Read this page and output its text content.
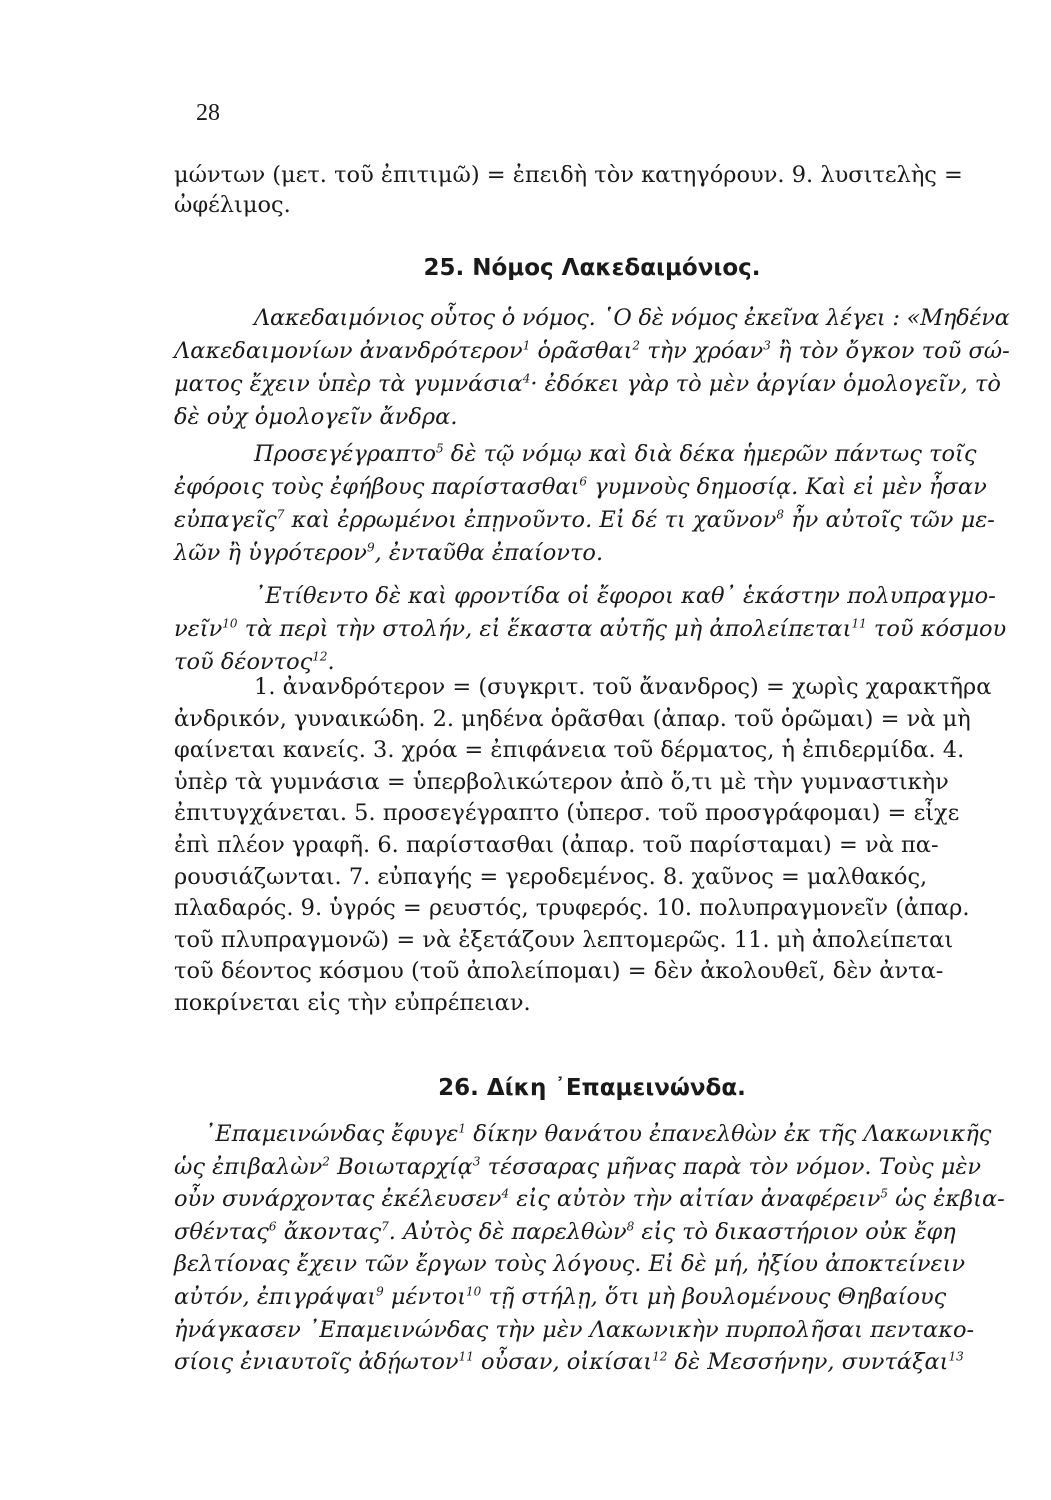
28
μώντων (μετ. τοῦ ἐπιτιμῶ) = ἐπειδὴ τὸν κατηγόρουν. 9. λυσιτελὴς =
ὠφέλιμος.
25. Νόμος Λακεδαιμόνιος.
Λακεδαιμόνιος οὗτος ὁ νόμος. ῾Ο δὲ νόμος ἐκεῖνα λέγει : «Μηδένα
Λακεδαιμονίων ἀνανδρότερον$^1$ ὁρᾶσθαι$^2$ τὴν χρόαν$^3$ ἢ τὸν ὄγκον τοῦ σώ-
ματος ἔχειν ὑπὲρ τὰ γυμνάσια$^4$· ἐδόκει γὰρ τὸ μὲν ἀργίαν ὁμολογεῖν, τὸ
δὲ οὐχ ὁμολογεῖν ἄνδρα.
Προσεγέγραπτο$^5$ δὲ τῷ νόμῳ καὶ διὰ δέκα ἡμερῶν πάντως τοῖς
ἐφόροις τοὺς ἐφήβους παρίστασθαι$^6$ γυμνοὺς δημοσίᾳ. Καὶ εἰ μὲν ἦσαν
εὐπαγεῖς$^7$ καὶ ἐρρωμένοι ἐπῃνοῦντο. Εἰ δέ τι χαῦνον$^8$ ἦν αὐτοῖς τῶν με-
λῶν ἢ ὑγρότερον$^9$, ἐνταῦθα ἐπαίοντο.
᾿Ετίθεντο δὲ καὶ φροντίδα οἱ ἔφοροι καθ᾿ ἑκάστην πολυπραγμο-
νεῖν$^{10}$ τὰ περὶ τὴν στολήν, εἰ ἕκαστα αὐτῆς μὴ ἀπολείπεται$^{11}$ τοῦ κόσμου
τοῦ δέοντος$^{12}$.
1. ἀνανδρότερον = (συγκριτ. τοῦ ἄνανδρος) = χωρὶς χαρακτῆρα
ἀνδρικόν, γυναικώδη. 2. μηδένα ὁρᾶσθαι (ἀπαρ. τοῦ ὁρῶμαι) = νὰ μὴ
φαίνεται κανείς. 3. χρόα = ἐπιφάνεια τοῦ δέρματος, ἡ ἐπιδερμίδα. 4.
ὑπὲρ τὰ γυμνάσια = ὑπερβολικώτερον ἀπὸ ὅ,τι μὲ τὴν γυμναστικὴν
ἐπιτυγχάνεται. 5. προσεγέγραπτο (ὑπερσ. τοῦ προσγράφομαι) = εἶχε
ἐπὶ πλέον γραφῆ. 6. παρίστασθαι (ἀπαρ. τοῦ παρίσταμαι) = νὰ πα-
ρουσιάζωνται. 7. εὐπαγής = γεροδεμένος. 8. χαῦνος = μαλθακός,
πλαδαρός. 9. ὑγρός = ρευστός, τρυφερός. 10. πολυπραγμονεῖν (ἀπαρ.
τοῦ πλυπραγμονῶ) = νὰ ἐξετάζουν λεπτομερῶς. 11. μὴ ἀπολείπεται
τοῦ δέοντος κόσμου (τοῦ ἀπολείπομαι) = δὲν ἀκολουθεῖ, δὲν ἀντα-
ποκρίνεται εἰς τὴν εὐπρέπειαν.
26. Δίκη ᾿Επαμεινώνδα.
᾿Επαμεινώνδας ἔφυγε$^1$ δίκην θανάτου ἐπανελθὼν ἐκ τῆς Λακωνικῆς
ὡς ἐπιβαλὼν$^2$ Βοιωταρχίᾳ$^3$ τέσσαρας μῆνας παρὰ τὸν νόμον. Τοὺς μὲν
οὖν συνάρχοντας ἐκέλευσεν$^4$ εἰς αὐτὸν τὴν αἰτίαν ἀναφέρειν$^5$ ὡς ἐκβια-
σθέντας$^6$ ἄκοντας$^7$. Αὐτὸς δὲ παρελθὼν$^8$ εἰς τὸ δικαστήριον οὐκ ἔφη
βελτίονας ἔχειν τῶν ἔργων τοὺς λόγους. Εἰ δὲ μή, ἠξίου ἀποκτείνειν
αὐτόν, ἐπιγράψαι$^9$ μέντοι$^{10}$ τῇ στήλῃ, ὅτι μὴ βουλομένους Θηβαίους
ἠνάγκασεν ᾿Επαμεινώνδας τὴν μὲν Λακωνικὴν πυρπολῆσαι πεντακο-
σίοις ἐνιαυτοῖς ἀδῄωτον$^{11}$ οὖσαν, οἰκίσαι$^{12}$ δὲ Μεσσήνην, συντάξαι$^{13}$
